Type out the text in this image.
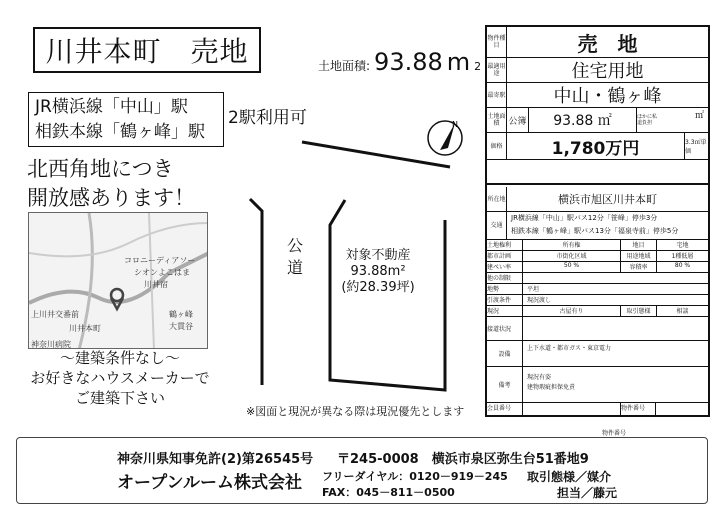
川井本町　売地	土地面積: 93.88 m 2
JR横浜線「中山」駅
相鉄本線「鶴ヶ峰」駅
2駅利用可
北西角地につき
開放感あります！
コロニーディアソー
シオンよこはま
川井宿
上川井交番前
川井本町
神奈川病院
鶴ヶ峰
大貫谷
～建築条件なし～
お好きなハウスメーカーで
ご建築下さい
公道
対象不動産
93.88m²
(約28.39坪)
N
※図面と現況が異なる際は現況優先とします
物件種目	売　地
最適用途	住宅用地
最寄駅	中山・鶴ヶ峰
土地面積 公簿	93.88 ㎡	ほかに私道負担
㎡
価格	1,780万円	3.3㎡単価
所在地	横浜市旭区川井本町
交通
JR横浜線「中山」駅バス12分「笹峰」停歩3分
相鉄本線「鶴ヶ峰」駅バス13分「福泉寺前」停歩5分
土地権利	所有権	地目	宅地
都市計画	市街化区域	用途地域	1種低層
建ぺい率	50 %	容積率	80 %
他の制限
地勢	平坦
引渡条件	現況渡し
現況	古屋有り	取引態様	相談
接道状況
設備
上下水道・都市ガス・東京電力
備考
現況有姿
建物瑕疵担保免責
会員番号	物件番号
物件番号
神奈川県知事免許(2)第26545号 〒245-0008　横浜市泉区弥生台51番地9
オープンルーム株式会社 フリーダイヤル：0120－919－245
FAX：045－811－0500
取引態様／媒介
担当／藤元
